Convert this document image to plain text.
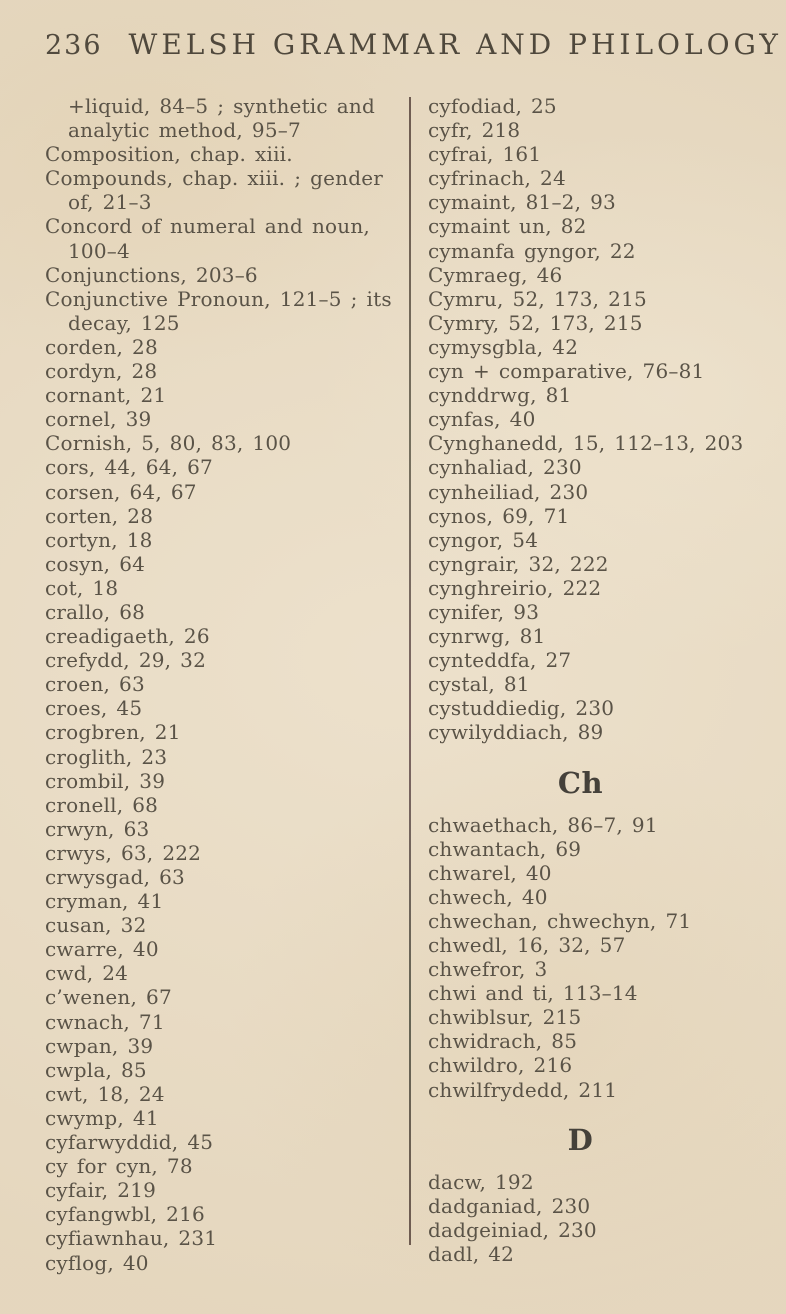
236 WELSH GRAMMAR AND PHILOLOGY
+liquid, 84–5 ; synthetic and
analytic method, 95–7
Composition, chap. xiii.
Compounds, chap. xiii. ; gender
of, 21–3
Concord of numeral and noun,
100–4
Conjunctions, 203–6
Conjunctive Pronoun, 121–5 ; its
decay, 125
corden, 28
cordyn, 28
cornant, 21
cornel, 39
Cornish, 5, 80, 83, 100
cors, 44, 64, 67
corsen, 64, 67
corten, 28
cortyn, 18
cosyn, 64
cot, 18
crallo, 68
creadigaeth, 26
crefydd, 29, 32
croen, 63
croes, 45
crogbren, 21
croglith, 23
crombil, 39
cronell, 68
crwyn, 63
crwys, 63, 222
crwysgad, 63
cryman, 41
cusan, 32
cwarre, 40
cwd, 24
c’wenen, 67
cwnach, 71
cwpan, 39
cwpla, 85
cwt, 18, 24
cwymp, 41
cyfarwyddid, 45
cy for cyn, 78
cyfair, 219
cyfangwbl, 216
cyfiawnhau, 231
cyflog, 40
cyfodiad, 25
cyfr, 218
cyfrai, 161
cyfrinach, 24
cymaint, 81–2, 93
cymaint un, 82
cymanfa gyngor, 22
Cymraeg, 46
Cymru, 52, 173, 215
Cymry, 52, 173, 215
cymysgbla, 42
cyn + comparative, 76–81
cynddrwg, 81
cynfas, 40
Cynghanedd, 15, 112–13, 203
cynhaliad, 230
cynheiliad, 230
cynos, 69, 71
cyngor, 54
cyngrair, 32, 222
cynghreirio, 222
cynifer, 93
cynrwg, 81
cynteddfa, 27
cystal, 81
cystuddiedig, 230
cywilyddiach, 89
Ch
chwaethach, 86–7, 91
chwantach, 69
chwarel, 40
chwech, 40
chwechan, chwechyn, 71
chwedl, 16, 32, 57
chwefror, 3
chwi and ti, 113–14
chwiblsur, 215
chwidrach, 85
chwildro, 216
chwilfrydedd, 211
D
dacw, 192
dadganiad, 230
dadgeiniad, 230
dadl, 42
